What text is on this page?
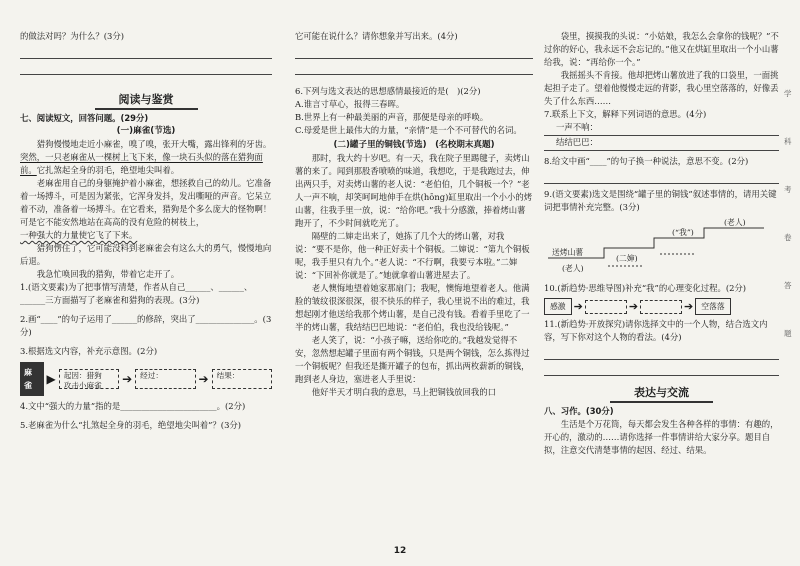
的做法对吗？为什么？(3分)

阅读与鉴赏

七、阅读短文，回答问题。(29分)

(一)麻雀(节选)

猎狗慢慢地走近小麻雀，嗅了嗅，张开大嘴，露出锋利的牙齿。突然，一只老麻雀从一棵树上飞下来，像一块石头似的落在猎狗面前。它扎煞起全身的羽毛，绝望地尖叫着。

老麻雀用自己的身躯掩护着小麻雀，想拯救自己的幼儿。它准备着一场搏斗，可是因为紧张，它浑身发抖，发出嘶哑的声音。它呆立着不动，准备着一场搏斗。在它看来，猎狗是个多么庞大的怪物啊！可是它不能安然地站在高高的没有危险的树枝上，
一种强大的力量使它飞了下来。

猎狗愣住了，它可能没料到老麻雀会有这么大的勇气，慢慢地向后退。

我急忙唤回我的猎狗，带着它走开了。

1.(语文要素)为了把事情写清楚，作者从自己______、______、______三方面描写了老麻雀和猎狗的表现。(3分)

2.画“____”的句子运用了______的修辞，突出了______________。(3分)

3.根据选文内容，补充示意图。(2分)

麻雀	▶	起因：猎狗
攻击小麻雀	➔	经过：	➔	结果：

4.文中“强大的力量”指的是_______________________。(2分)

5.老麻雀为什么“扎煞起全身的羽毛，绝望地尖叫着”？(3分)

它可能在说什么？请你想象并写出来。(4分)

6.下列与选文表达的思想感情最接近的是(　)(2分)

A.谁言寸草心，报得三春晖。

B.世界上有一种最美丽的声音，那便是母亲的呼唤。

C.母爱是世上最伟大的力量，“亲情”是一个不可替代的名词。

(二)罐子里的铜钱(节选)　(名校期末真题)

那时，我大约十岁吧。有一天，我在院子里踢毽子，卖烤山薯的来了。闻到那股香喷喷的味道，我想吃，于是我跑过去，伸出两只手，对卖烤山薯的老人说：“老伯伯，几个铜板一个？”老人一声不响，却笑呵呵地伸手在烘(hōng)缸里取出一个小小的烤山薯，往我手里一放，说：“给你吧。”我十分感激，捧着烤山薯跑开了，不少时间就吃光了。

隔壁的二婶走出来了，她拣了几个大的烤山薯，对我说：“要不是你，他一种正好卖十个铜板。二婶说：“第九个铜板呢，我手里只有九个。”老人说：“不行啊，我要亏本啦。”二婶说：“下回补你就是了。”她就拿着山薯进屋去了。

老人懊悔地望着她家那扇门；我呢，懊悔地望着老人。他满脸的皱纹很深很深，很不快乐的样子，我心里说不出的难过，我想起刚才他送给我那个烤山薯，是自己没有钱。看着手里吃了一半的烤山薯，我结结巴巴地说：“老伯伯，我也没给钱呢。”

老人笑了，说：“小孩子嘛，送给你吃的。”我越发觉得不安，忽然想起罐子里面有两个铜钱，只是两个铜钱，怎么拣得过一个铜板呢？但我还是撕开罐子的包布，抓出两枚薪新的铜钱，跑到老人身边，塞进老人手里说：

他好半天才明白我的意思，马上把铜钱放回我的口

袋里，摸摸我的头说：“小姑娘，我怎么会拿你的钱呢？”不过你的好心，我永远不会忘记的。”他又在烘缸里取出一个小山薯给我，说：“再给你一个。”

我摇摇头不肯接。他却把烤山薯放进了我的口袋里，一面挑起担子走了。望着他慢慢走远的背影，我心里空落落的，好像丢失了什么东西……

7.联系上下文，解释下列词语的意思。(4分)

一声不响：

结结巴巴：

8.给文中画“____”的句子换一种说法，意思不变。(2分)

9.(语文要素)选文是围绕“罐子里的铜钱”叙述事情的，请用关键词把事情补充完整。(3分)

送烤山薯
(老人)
(二婶)
(“我”)
(老人)

10.(新趋势·思维导图)补充“我”的心理变化过程。(2分)

感激 ➔	➔	➔	空落落

11.(新趋势·开放探究)请你选择文中的一个人物，结合选文内容，写下你对这个人物的看法。(4分)

表达与交流

八、习作。(30分)

生活是个万花筒，每天都会发生各种各样的事情：有趣的，开心的，激动的……请你选择一件事情讲给大家分享。题目自拟，注意交代清楚事情的起因、经过、结果。

学
科
考
卷
答
题
12
